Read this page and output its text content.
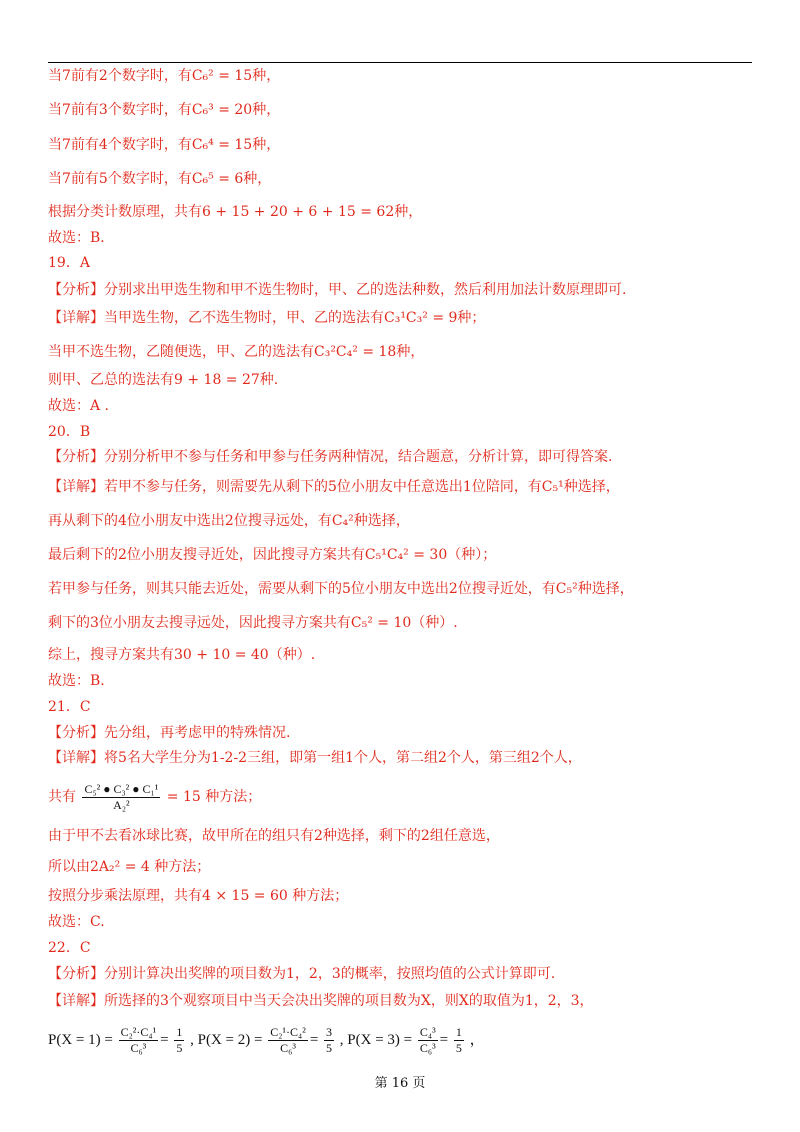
当7前有2个数字时，有C₆² = 15种，
当7前有3个数字时，有C₆³ = 20种，
当7前有4个数字时，有C₆⁴ = 15种，
当7前有5个数字时，有C₆⁵ = 6种，
根据分类计数原理，共有6 + 15 + 20 + 6 + 15 = 62种，
故选：B．
19．A
【分析】分别求出甲选生物和甲不选生物时，甲、乙的选法种数，然后利用加法计数原理即可.
【详解】当甲选生物，乙不选生物时，甲、乙的选法有C₃¹C₃² = 9种；
当甲不选生物，乙随便选，甲、乙的选法有C₃²C₄² = 18种，
则甲、乙总的选法有9 + 18 = 27种.
故选：A .
20．B
【分析】分别分析甲不参与任务和甲参与任务两种情况，结合题意，分析计算，即可得答案.
【详解】若甲不参与任务，则需要先从剩下的5位小朋友中任意选出1位陪同，有C₅¹种选择，
再从剩下的4位小朋友中选出2位搜寻远处，有C₄²种选择，
最后剩下的2位小朋友搜寻近处，因此搜寻方案共有C₅¹C₄² = 30（种）；
若甲参与任务，则其只能去近处，需要从剩下的5位小朋友中选出2位搜寻近处，有C₅²种选择，
剩下的3位小朋友去搜寻远处，因此搜寻方案共有C₅² = 10（种）.
综上，搜寻方案共有30 + 10 = 40（种）.
故选：B．
21．C
【分析】先分组，再考虑甲的特殊情况.
【详解】将5名大学生分为1-2-2三组，即第一组1个人，第二组2个人，第三组2个人，
共有 $\frac{\text{C₅² ● C₃² ● C₁¹}}{\text{A₂²}} = 15$ 种方法；
由于甲不去看冰球比赛，故甲所在的组只有2种选择，剩下的2组任意选，
所以由2A₂² = 4 种方法；
按照分步乘法原理，共有4 × 15 = 60 种方法；
故选：C.
22．C
【分析】分别计算决出奖牌的项目数为1，2，3的概率，按照均值的公式计算即可.
【详解】所选择的3个观察项目中当天会决出奖牌的项目数为X，则X的取值为1，2，3，
$P(X = 1) = \frac{\text{C₂²·C₄¹}}{\text{C₆³}} = \frac{1}{5}$ , $P(X = 2) = \frac{\text{C₂¹·C₄²}}{\text{C₆³}} = \frac{3}{5}$ , $P(X = 3) = \frac{\text{C₄³}}{\text{C₆³}} = \frac{1}{5}$ ，
第 16 页
